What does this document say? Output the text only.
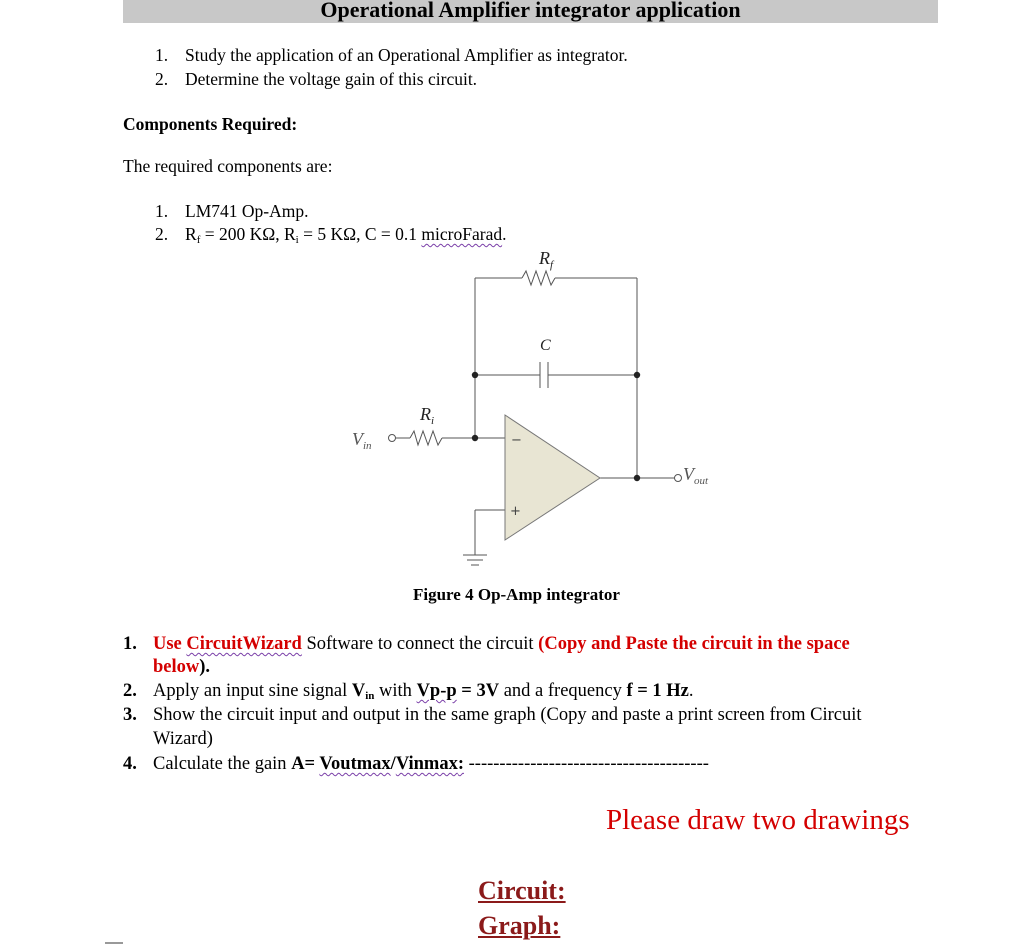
Operational Amplifier integrator application
1. Study the application of an Operational Amplifier as integrator.
2. Determine the voltage gain of this circuit.
Components Required:
The required components are:
1. LM741 Op-Amp.
2. $R_f = 200$ KΩ, $R_i = 5$ KΩ, C = 0.1 microFarad.
$R_f$
C
$R_i$
$V_{in}$
$V_{out}$
−
+
Figure 4 Op-Amp integrator
1. Use CircuitWizard Software to connect the circuit (Copy and Paste the circuit in the space
below).
2. Apply an input sine signal $V_{in}$ with Vp-p = 3V and a frequency f = 1 Hz.
3. Show the circuit input and output in the same graph (Copy and paste a print screen from Circuit
Wizard)
4. Calculate the gain A= Voutmax/Vinmax: ---------------------------------------
Please draw two drawings
Circuit:
Graph:
